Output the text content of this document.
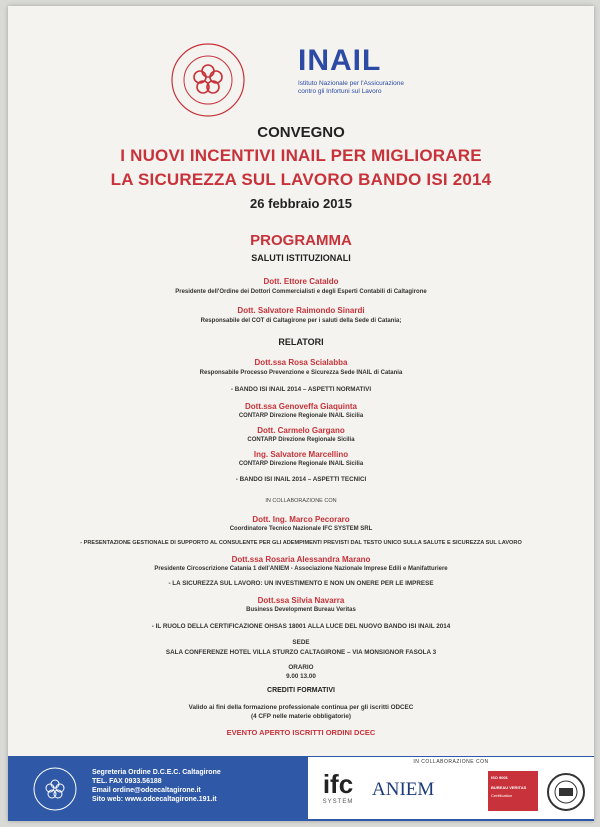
INAIL
Istituto Nazionale per l'Assicurazione
contro gli Infortuni sul Lavoro
CONVEGNO
I NUOVI INCENTIVI INAIL PER MIGLIORARE
LA SICUREZZA SUL LAVORO BANDO ISI 2014
26 febbraio 2015
PROGRAMMA
SALUTI ISTITUZIONALI
Dott. Ettore Cataldo
Presidente dell'Ordine dei Dottori Commercialisti e degli Esperti Contabili di Caltagirone
Dott. Salvatore Raimondo Sinardi
Responsabile del COT di Caltagirone per i saluti della Sede di Catania;
RELATORI
Dott.ssa Rosa Scialabba
Responsabile Processo Prevenzione e Sicurezza Sede INAIL di Catania
- BANDO ISI INAIL 2014 – ASPETTI NORMATIVI
Dott.ssa Genoveffa Giaquinta
CONTARP Direzione Regionale INAIL Sicilia
Dott. Carmelo Gargano
CONTARP Direzione Regionale Sicilia
Ing. Salvatore Marcellino
CONTARP Direzione Regionale INAIL Sicilia
- BANDO ISI INAIL 2014 – ASPETTI TECNICI
IN COLLABORAZIONE CON
Dott. Ing. Marco Pecoraro
Coordinatore Tecnico Nazionale IFC SYSTEM SRL
- PRESENTAZIONE GESTIONALE DI SUPPORTO AL CONSULENTE PER GLI ADEMPIMENTI PREVISTI DAL TESTO UNICO SULLA SALUTE E SICUREZZA SUL LAVORO
Dott.ssa Rosaria Alessandra Marano
Presidente Circoscrizione Catania 1 dell'ANIEM - Associazione Nazionale Imprese Edili e Manifatturiere
- LA SICUREZZA SUL LAVORO: UN INVESTIMENTO E NON UN ONERE PER LE IMPRESE
Dott.ssa Silvia Navarra
Business Development Bureau Veritas
- IL RUOLO DELLA CERTIFICAZIONE OHSAS 18001 ALLA LUCE DEL NUOVO BANDO ISI INAIL 2014
SEDE
SALA CONFERENZE HOTEL VILLA STURZO CALTAGIRONE – VIA MONSIGNOR FASOLA 3
ORARIO
9.00 13.00
CREDITI FORMATIVI
Valido ai fini della formazione professionale continua per gli iscritti ODCEC
(4 CFP nelle materie obbligatorie)
EVENTO APERTO ISCRITTI ORDINI DCEC
Segreteria Ordine D.C.E.C. Caltagirone
TEL. FAX 0933.56188
Email ordine@odcecaltagirone.it
Sito web: www.odcecaltagirone.191.it
IN COLLABORAZIONE CON
ifc
SYSTEM
ANIEM
ISO 9001
BUREAU VERITAS
Certification
